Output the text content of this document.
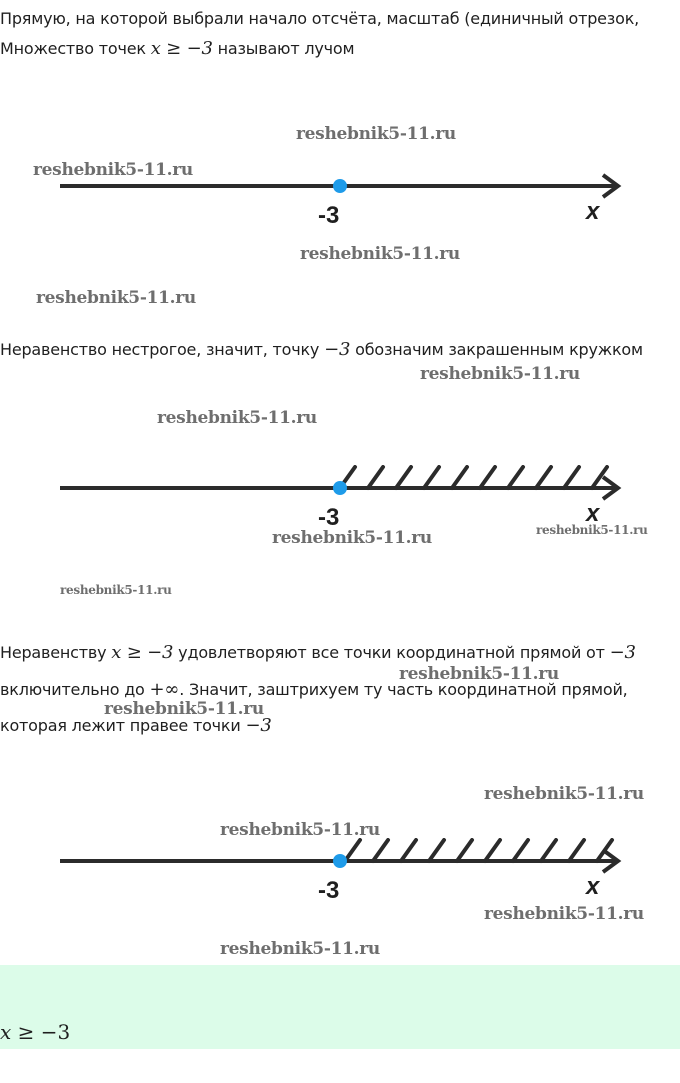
Прямую, на которой выбрали начало отсчёта, масштаб (единичный отрезок,
Множество точек x ≥ −3 называют лучом
-3	x
Неравенство нестрогое, значит, точку −3 обозначим закрашенным кружком
-3	x
Неравенству x ≥ −3 удовлетворяют все точки координатной прямой от −3
включительно до +∞. Значит, заштрихуем ту часть координатной прямой,
которая лежит правее точки −3
-3	x
reshebnik5-11.ru
reshebnik5-11.ru
reshebnik5-11.ru
reshebnik5-11.ru
reshebnik5-11.ru
reshebnik5-11.ru
reshebnik5-11.ru	reshebnik5-11.ru
reshebnik5-11.ru
reshebnik5-11.ru
reshebnik5-11.ru
reshebnik5-11.ru
reshebnik5-11.ru
reshebnik5-11.ru
reshebnik5-11.ru
x ≥ −3
